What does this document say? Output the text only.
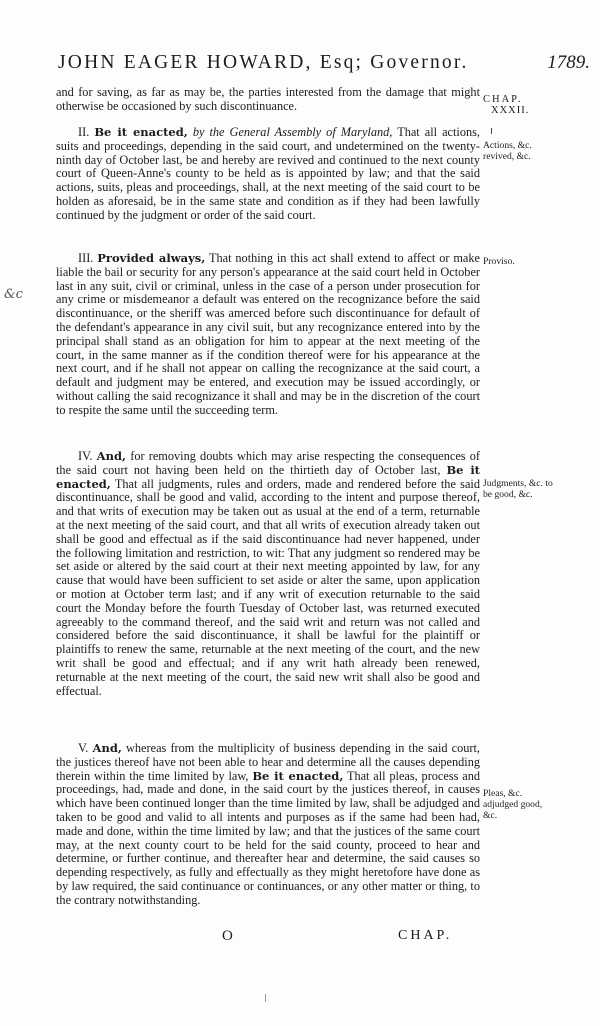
JOHN EAGER HOWARD, Esq; Governor.	1789.
CHAP.
XXXII.
&c
and for saving, as far as may be, the parties interested from the damage that might otherwise be occasioned by such discontinuance.
II. Be it enacted, by the General Assembly of Maryland, That all actions, suits and proceedings, depending in the said court, and undetermined on the twenty-ninth day of October last, be and hereby are revived and continued to the next county court of Queen-Anne's county to be held as is appointed by law; and that the said actions, suits, pleas and proceedings, shall, at the next meeting of the said court to be holden as aforesaid, be in the same state and condition as if they had been lawfully continued by the judgment or order of the said court.
Actions, &c. revived, &c.
III. Provided always, That nothing in this act shall extend to affect or make liable the bail or security for any person's appearance at the said court held in October last in any suit, civil or criminal, unless in the case of a person under prosecution for any crime or misdemeanor a default was entered on the recognizance before the said discontinuance, or the sheriff was amerced before such discontinuance for default of the defendant's appearance in any civil suit, but any recognizance entered into by the principal shall stand as an obligation for him to appear at the next meeting of the court, in the same manner as if the condition thereof were for his appearance at the next court, and if he shall not appear on calling the recognizance at the said court, a default and judgment may be entered, and execution may be issued accordingly, or without calling the said recognizance it shall and may be in the discretion of the court to respite the same until the succeeding term.
Proviso.
IV. And, for removing doubts which may arise respecting the consequences of the said court not having been held on the thirtieth day of October last, Be it enacted, That all judgments, rules and orders, made and rendered before the said discontinuance, shall be good and valid, according to the intent and purpose thereof, and that writs of execution may be taken out as usual at the end of a term, returnable at the next meeting of the said court, and that all writs of execution already taken out shall be good and effectual as if the said discontinuance had never happened, under the following limitation and restriction, to wit: That any judgment so rendered may be set aside or altered by the said court at their next meeting appointed by law, for any cause that would have been sufficient to set aside or alter the same, upon application or motion at October term last; and if any writ of execution returnable to the said court the Monday before the fourth Tuesday of October last, was returned executed agreeably to the command thereof, and the said writ and return was not called and considered before the said discontinuance, it shall be lawful for the plaintiff or plaintiffs to renew the same, returnable at the next meeting of the court, and the new writ shall be good and effectual; and if any writ hath already been renewed, returnable at the next meeting of the court, the said new writ shall also be good and effectual.
Judgments, &c. to be good, &c.
V. And, whereas from the multiplicity of business depending in the said court, the justices thereof have not been able to hear and determine all the causes depending therein within the time limited by law, Be it enacted, That all pleas, process and proceedings, had, made and done, in the said court by the justices thereof, in causes which have been continued longer than the time limited by law, shall be adjudged and taken to be good and valid to all intents and purposes as if the same had been had, made and done, within the time limited by law; and that the justices of the same court may, at the next county court to be held for the said county, proceed to hear and determine, or further continue, and thereafter hear and determine, the said causes so depending respectively, as fully and effectually as they might heretofore have done as by law required, the said continuance or continuances, or any other matter or thing, to the contrary notwithstanding.
Pleas, &c. adjudged good, &c.
O	CHAP.
